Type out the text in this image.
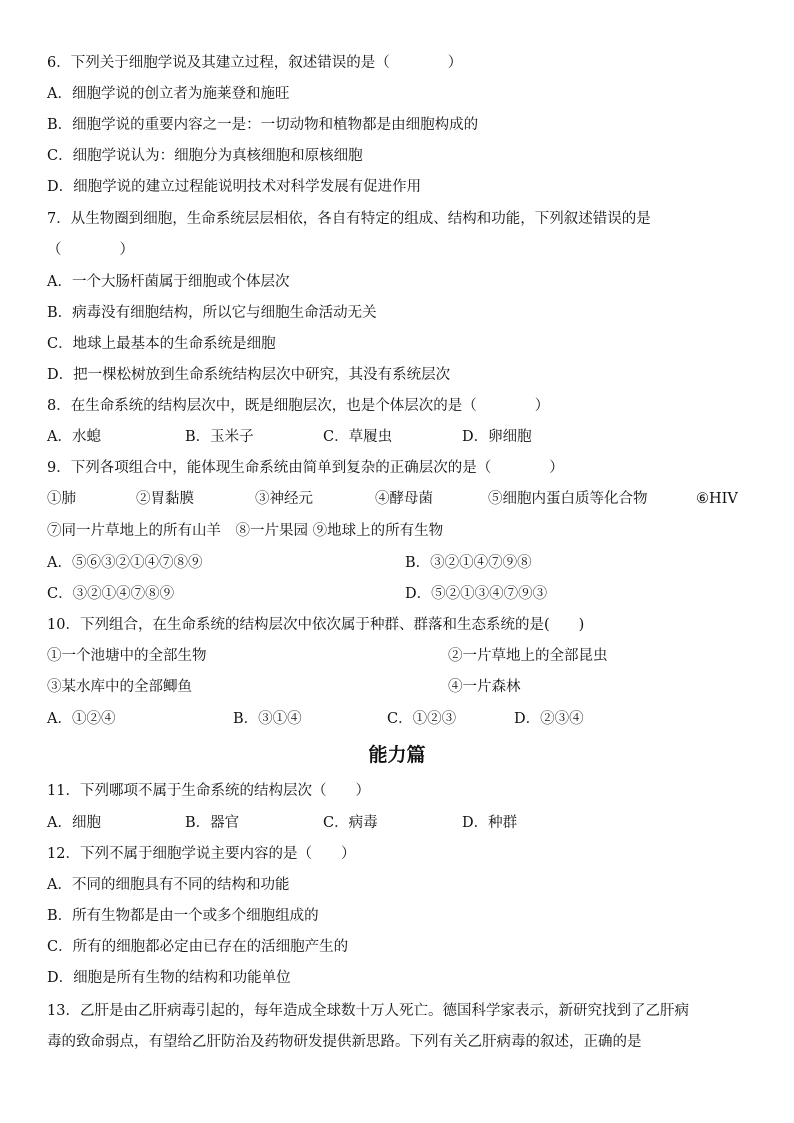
6．下列关于细胞学说及其建立过程，叙述错误的是（　　　　）
A．细胞学说的创立者为施莱登和施旺
B．细胞学说的重要内容之一是：一切动物和植物都是由细胞构成的
C．细胞学说认为：细胞分为真核细胞和原核细胞
D．细胞学说的建立过程能说明技术对科学发展有促进作用
7．从生物圈到细胞，生命系统层层相依，各自有特定的组成、结构和功能，下列叙述错误的是
（　　　　）
A．一个大肠杆菌属于细胞或个体层次
B．病毒没有细胞结构，所以它与细胞生命活动无关
C．地球上最基本的生命系统是细胞
D．把一棵松树放到生命系统结构层次中研究，其没有系统层次
8．在生命系统的结构层次中，既是细胞层次，也是个体层次的是（　　　　）
A．水螅	B．玉米子	C．草履虫	D．卵细胞
9．下列各项组合中，能体现生命系统由简单到复杂的正确层次的是（　　　　）
①肺	②胃黏膜	③神经元	④酵母菌	⑤细胞内蛋白质等化合物	⑥HIV
⑦同一片草地上的所有山羊　⑧一片果园 ⑨地球上的所有生物
A．⑤⑥③②①④⑦⑧⑨	B．③②①④⑦⑨⑧
C．③②①④⑦⑧⑨	D．⑤②①③④⑦⑨③
10．下列组合，在生命系统的结构层次中依次属于种群、群落和生态系统的是(　　)
①一个池塘中的全部生物	②一片草地上的全部昆虫
③某水库中的全部鲫鱼	④一片森林
A．①②④	B．③①④	C．①②③	D．②③④
能力篇
11．下列哪项不属于生命系统的结构层次（　　）
A．细胞	B．器官	C．病毒	D．种群
12．下列不属于细胞学说主要内容的是（　　）
A．不同的细胞具有不同的结构和功能
B．所有生物都是由一个或多个细胞组成的
C．所有的细胞都必定由已存在的活细胞产生的
D．细胞是所有生物的结构和功能单位
13．乙肝是由乙肝病毒引起的，每年造成全球数十万人死亡。德国科学家表示，新研究找到了乙肝病
毒的致命弱点，有望给乙肝防治及药物研发提供新思路。下列有关乙肝病毒的叙述，正确的是
